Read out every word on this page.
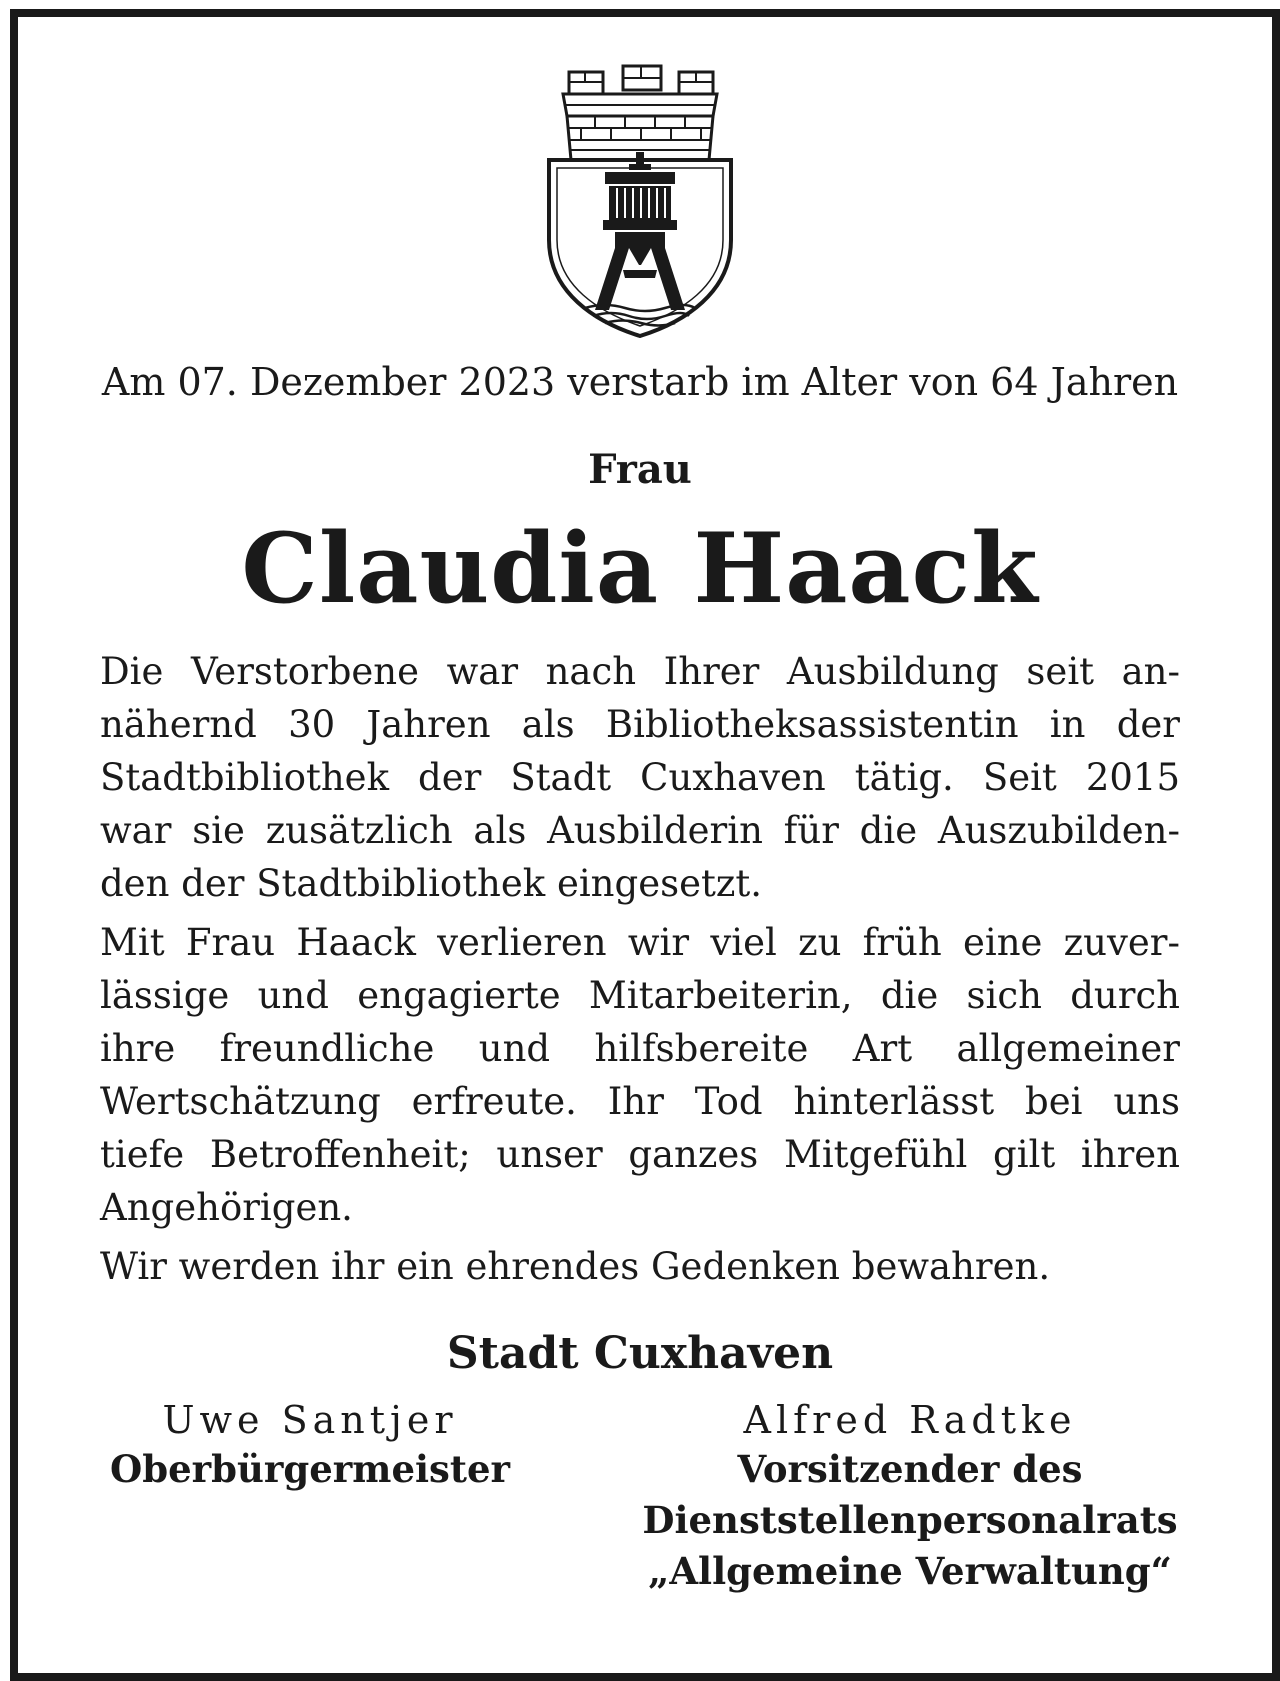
Am 07. Dezember 2023 verstarb im Alter von 64 Jahren
Frau
Claudia Haack

Die Verstorbene war nach Ihrer Ausbildung seit an-
nähernd 30 Jahren als Bibliotheksassistentin in der
Stadtbibliothek der Stadt Cuxhaven tätig. Seit 2015
war sie zusätzlich als Ausbilderin für die Auszubilden-
den der Stadtbibliothek eingesetzt.

Mit Frau Haack verlieren wir viel zu früh eine zuver-
lässige und engagierte Mitarbeiterin, die sich durch
ihre freundliche und hilfsbereite Art allgemeiner
Wertschätzung erfreute. Ihr Tod hinterlässt bei uns
tiefe Betroffenheit; unser ganzes Mitgefühl gilt ihren
Angehörigen.

Wir werden ihr ein ehrendes Gedenken bewahren.

Stadt Cuxhaven
Uwe Santjer
Oberbürgermeister
Alfred Radtke
Vorsitzender des
Dienststellenpersonalrats
„Allgemeine Verwaltung“
